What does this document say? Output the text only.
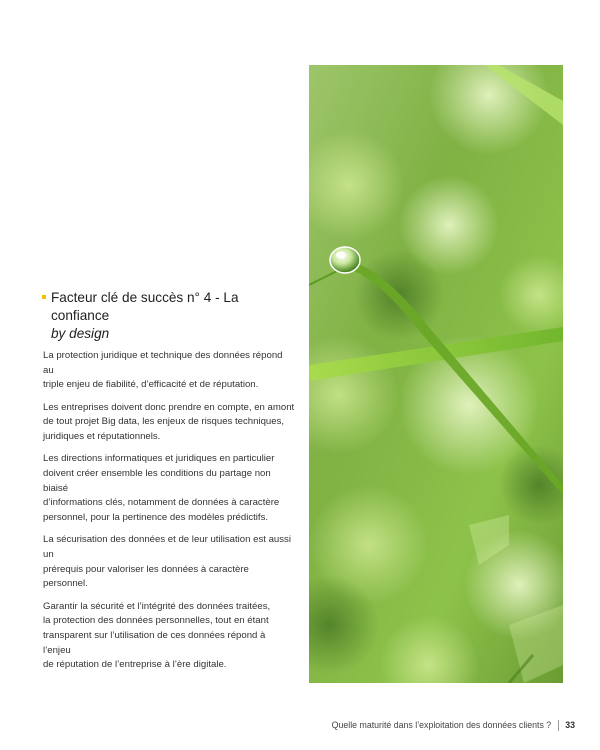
Facteur clé de succès n° 4 - La confiance
by design

La protection juridique et technique des données répond au
triple enjeu de fiabilité, d’efficacité et de réputation.

Les entreprises doivent donc prendre en compte, en amont
de tout projet Big data, les enjeux de risques techniques,
juridiques et réputationnels.

Les directions informatiques et juridiques en particulier
doivent créer ensemble les conditions du partage non biaisé
d’informations clés, notamment de données à caractère
personnel, pour la pertinence des modèles prédictifs.

La sécurisation des données et de leur utilisation est aussi un
prérequis pour valoriser les données à caractère personnel.

Garantir la sécurité et l’intégrité des données traitées,
la protection des données personnelles, tout en étant
transparent sur l’utilisation de ces données répond à l’enjeu
de réputation de l’entreprise à l’ère digitale.

Quelle maturité dans l’exploitation des données clients ? 33
